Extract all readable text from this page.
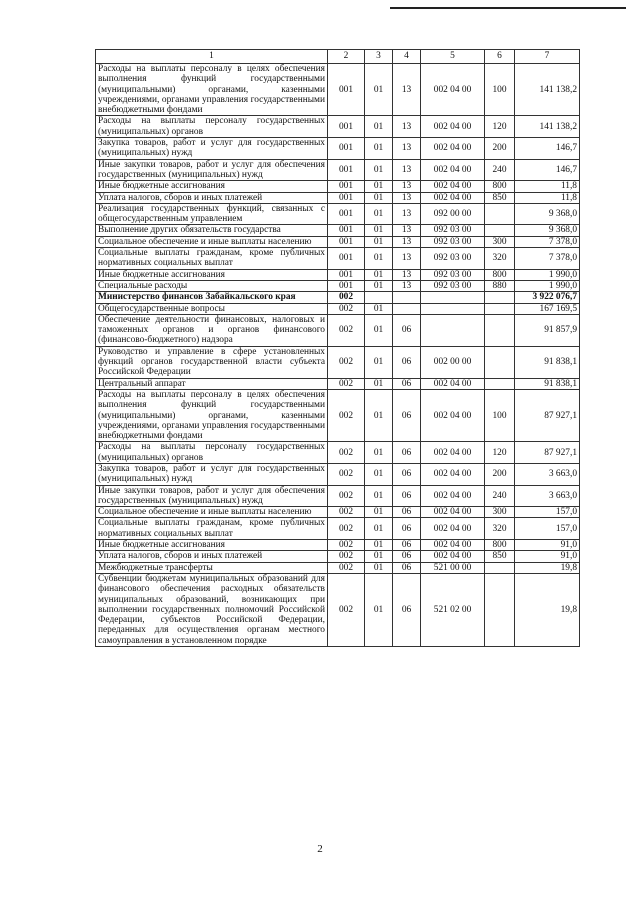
1	2	3	4	5	6	7
Расходы на выплаты персоналу в целях обеспечения выполнения функций государственными (муниципальными) органами, казенными учреждениями, органами управления государственными внебюджетными фондами	001	01	13	002 04 00	100	141 138,2
Расходы на выплаты персоналу государственных (муниципальных) органов	001	01	13	002 04 00	120	141 138,2
Закупка товаров, работ и услуг для государственных (муниципальных) нужд	001	01	13	002 04 00	200	146,7
Иные закупки товаров, работ и услуг для обеспечения государственных (муниципальных) нужд	001	01	13	002 04 00	240	146,7
Иные бюджетные ассигнования	001	01	13	002 04 00	800	11,8
Уплата налогов, сборов и иных платежей	001	01	13	002 04 00	850	11,8
Реализация государственных функций, связанных с общегосударственным управлением	001	01	13	092 00 00		9 368,0
Выполнение других обязательств государства	001	01	13	092 03 00		9 368,0
Социальное обеспечение и иные выплаты населению	001	01	13	092 03 00	300	7 378,0
Социальные выплаты гражданам, кроме публичных нормативных социальных выплат	001	01	13	092 03 00	320	7 378,0
Иные бюджетные ассигнования	001	01	13	092 03 00	800	1 990,0
Специальные расходы	001	01	13	092 03 00	880	1 990,0
Министерство финансов Забайкальского края	002					3 922 076,7
Общегосударственные вопросы	002	01				167 169,5
Обеспечение деятельности финансовых, налоговых и таможенных органов и органов финансового (финансово-бюджетного) надзора	002	01	06			91 857,9
Руководство и управление в сфере установленных функций органов государственной власти субъекта Российской Федерации	002	01	06	002 00 00		91 838,1
Центральный аппарат	002	01	06	002 04 00		91 838,1
Расходы на выплаты персоналу в целях обеспечения выполнения функций государственными (муниципальными) органами, казенными учреждениями, органами управления государственными внебюджетными фондами	002	01	06	002 04 00	100	87 927,1
Расходы на выплаты персоналу государственных (муниципальных) органов	002	01	06	002 04 00	120	87 927,1
Закупка товаров, работ и услуг для государственных (муниципальных) нужд	002	01	06	002 04 00	200	3 663,0
Иные закупки товаров, работ и услуг для обеспечения государственных (муниципальных) нужд	002	01	06	002 04 00	240	3 663,0
Социальное обеспечение и иные выплаты населению	002	01	06	002 04 00	300	157,0
Социальные выплаты гражданам, кроме публичных нормативных социальных выплат	002	01	06	002 04 00	320	157,0
Иные бюджетные ассигнования	002	01	06	002 04 00	800	91,0
Уплата налогов, сборов и иных платежей	002	01	06	002 04 00	850	91,0
Межбюджетные трансферты	002	01	06	521 00 00		19,8
Субвенции бюджетам муниципальных образований для финансового обеспечения расходных обязательств муниципальных образований, возникающих при выполнении государственных полномочий Российской Федерации, субъектов Российской Федерации, переданных для осуществления органам местного самоуправления в установленном порядке	002	01	06	521 02 00		19,8
2
